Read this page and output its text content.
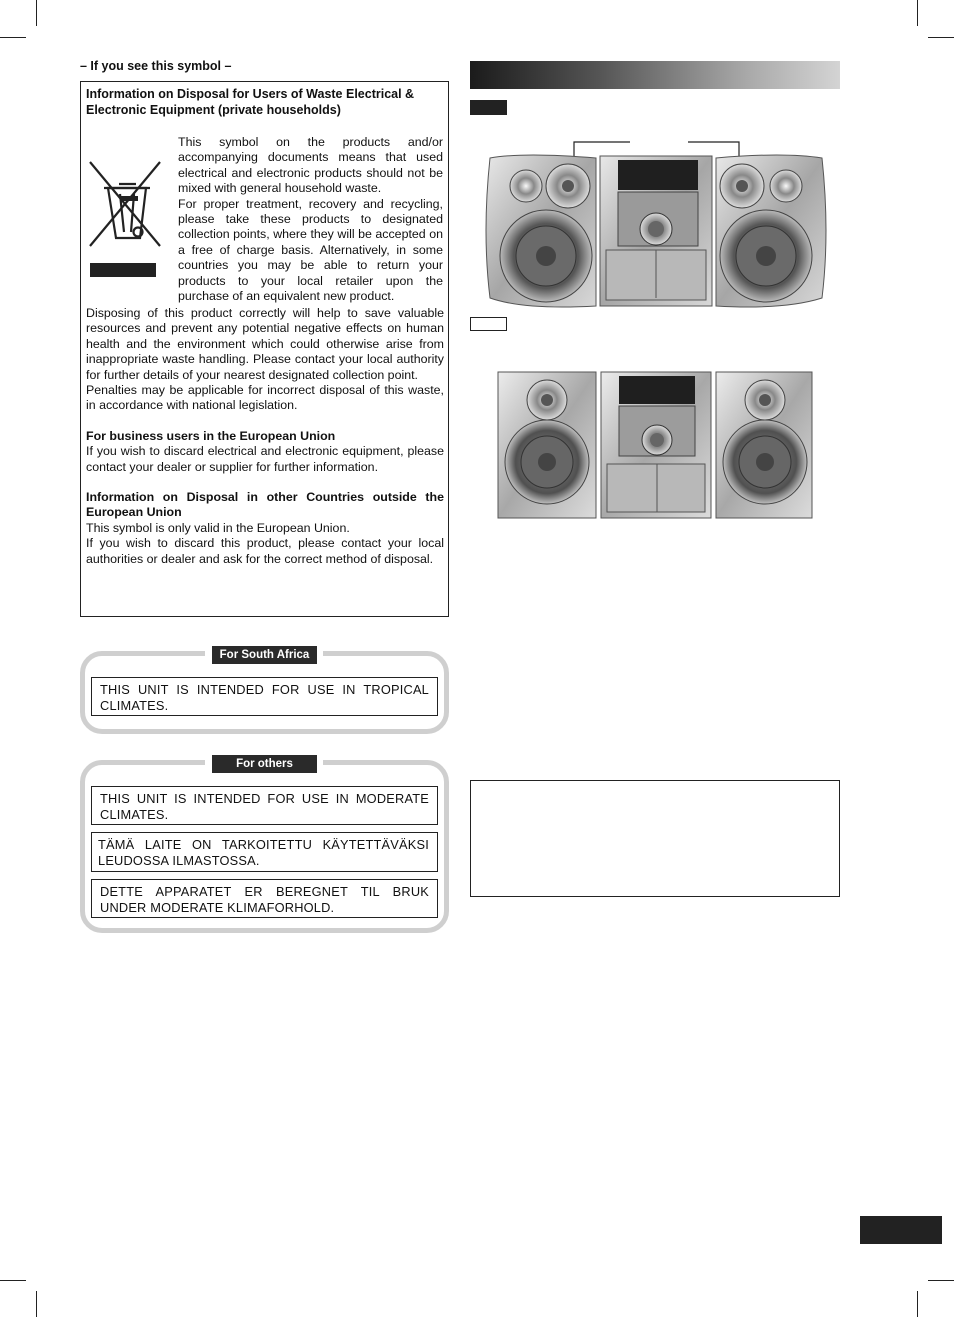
– If you see this symbol –
Information on Disposal for Users of Waste Electrical & Electronic Equipment (private households)
This symbol on the products and/or accompanying documents means that used electrical and electronic products should not be mixed with general household waste.
For proper treatment, recovery and recycling, please take these products to designated collection points, where they will be accepted on a free of charge basis. Alternatively, in some countries you may be able to return your products to your local retailer upon the purchase of an equivalent new product.
Disposing of this product correctly will help to save valuable resources and prevent any potential negative effects on human health and the environment which could otherwise arise from inappropriate waste handling. Please contact your local authority for further details of your nearest designated collection point.
Penalties may be applicable for incorrect disposal of this waste, in accordance with national legislation.
For business users in the European Union
If you wish to discard electrical and electronic equipment, please contact your dealer or supplier for further information.
Information on Disposal in other Countries outside the European Union
This symbol is only valid in the European Union.
If you wish to discard this product, please contact your local authorities or dealer and ask for the correct method of disposal.
For South Africa
THIS UNIT IS INTENDED FOR USE IN TROPICAL CLIMATES.
For others
THIS UNIT IS INTENDED FOR USE IN MODERATE CLIMATES.
TÄMÄ LAITE ON TARKOITETTU KÄYTETTÄVÄKSI LEUDOSSA ILMASTOSSA.
DETTE APPARATET ER BEREGNET TIL BRUK UNDER MODERATE KLIMAFORHOLD.
